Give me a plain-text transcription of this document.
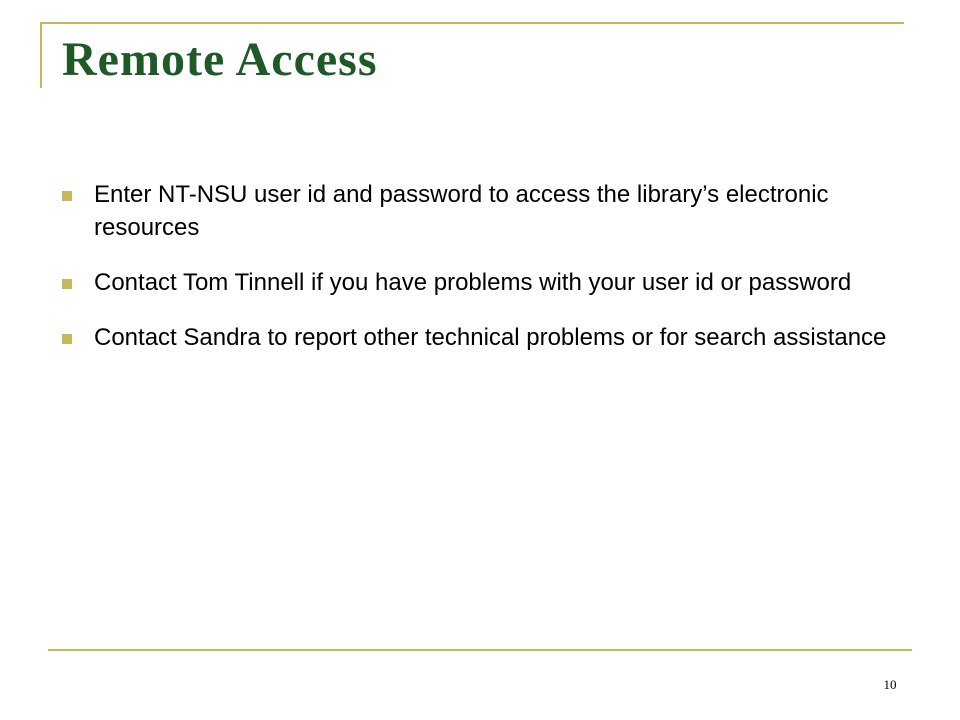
Remote Access
Enter NT-NSU user id and password to access the library’s electronic resources
Contact Tom Tinnell if you have problems with your user id or password
Contact Sandra to report other technical problems or for search assistance
10
